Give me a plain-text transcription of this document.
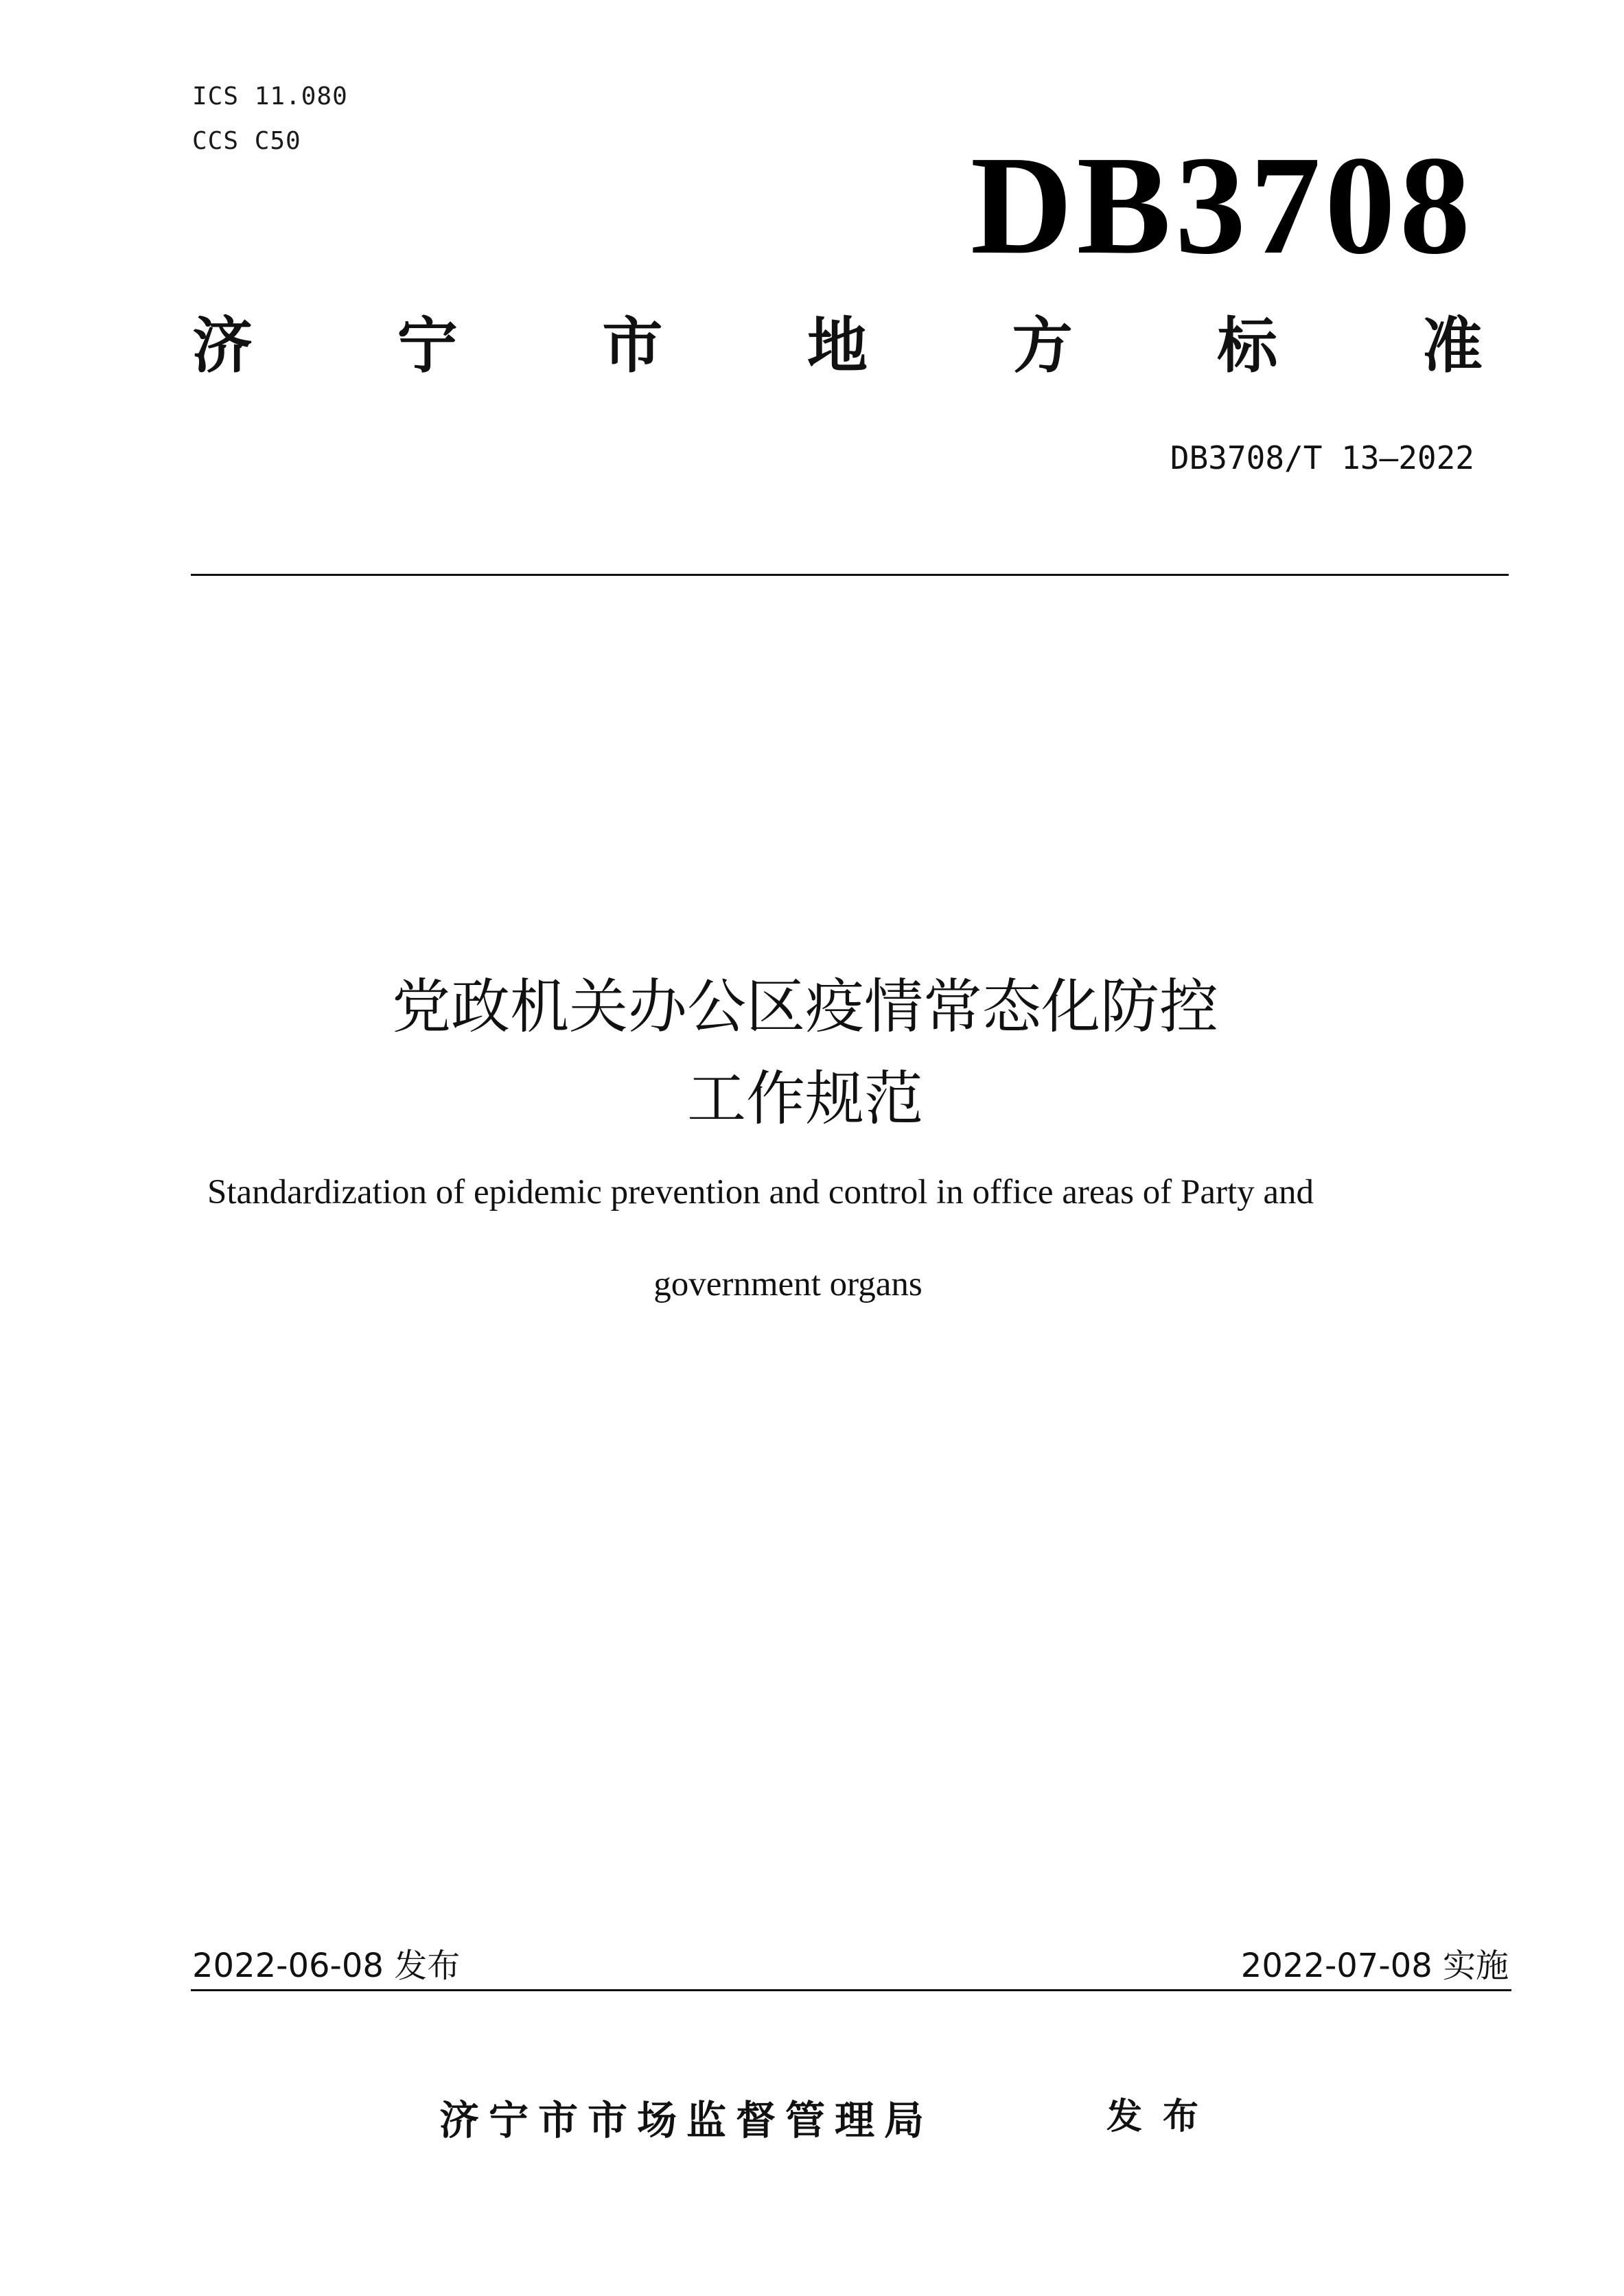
ICS 11.080
CCS C50	DB3708
济 宁 市 地 方 标 准
DB3708/T 13—2022
党政机关办公区疫情常态化防控
工作规范
Standardization of epidemic prevention and control in office areas of Party and
government organs
2022-06-08 发布	2022-07-08 实施
济宁市市场监督管理局	发布
